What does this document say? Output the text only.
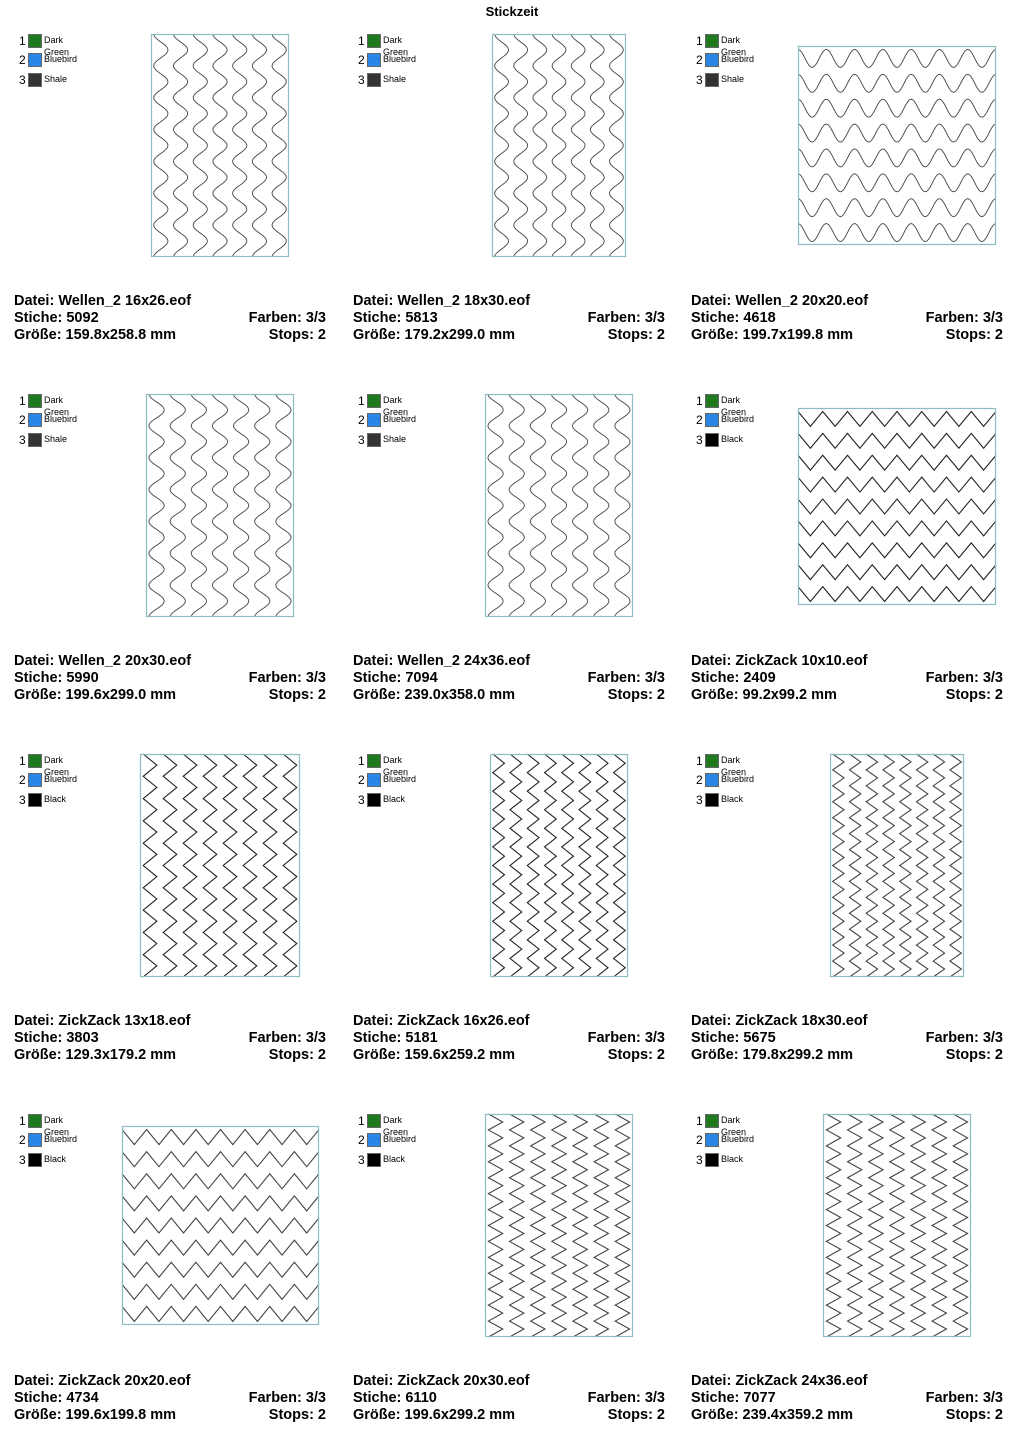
Stickzeit
1 Dark Green
2 Bluebird
3 Shale
Datei: Wellen_2 16x26.eof
Stiche: 5092	Farben: 3/3
Größe: 159.8x258.8 mm	Stops: 2
1 Dark Green
2 Bluebird
3 Shale
Datei: Wellen_2 18x30.eof
Stiche: 5813	Farben: 3/3
Größe: 179.2x299.0 mm	Stops: 2
1 Dark Green
2 Bluebird
3 Shale
Datei: Wellen_2 20x20.eof
Stiche: 4618	Farben: 3/3
Größe: 199.7x199.8 mm	Stops: 2
1 Dark Green
2 Bluebird
3 Shale
Datei: Wellen_2 20x30.eof
Stiche: 5990	Farben: 3/3
Größe: 199.6x299.0 mm	Stops: 2
1 Dark Green
2 Bluebird
3 Shale
Datei: Wellen_2 24x36.eof
Stiche: 7094	Farben: 3/3
Größe: 239.0x358.0 mm	Stops: 2
1 Dark Green
2 Bluebird
3 Black
Datei: ZickZack 10x10.eof
Stiche: 2409	Farben: 3/3
Größe: 99.2x99.2 mm	Stops: 2
1 Dark Green
2 Bluebird
3 Black
Datei: ZickZack 13x18.eof
Stiche: 3803	Farben: 3/3
Größe: 129.3x179.2 mm	Stops: 2
1 Dark Green
2 Bluebird
3 Black
Datei: ZickZack 16x26.eof
Stiche: 5181	Farben: 3/3
Größe: 159.6x259.2 mm	Stops: 2
1 Dark Green
2 Bluebird
3 Black
Datei: ZickZack 18x30.eof
Stiche: 5675	Farben: 3/3
Größe: 179.8x299.2 mm	Stops: 2
1 Dark Green
2 Bluebird
3 Black
Datei: ZickZack 20x20.eof
Stiche: 4734	Farben: 3/3
Größe: 199.6x199.8 mm	Stops: 2
1 Dark Green
2 Bluebird
3 Black
Datei: ZickZack 20x30.eof
Stiche: 6110	Farben: 3/3
Größe: 199.6x299.2 mm	Stops: 2
1 Dark Green
2 Bluebird
3 Black
Datei: ZickZack 24x36.eof
Stiche: 7077	Farben: 3/3
Größe: 239.4x359.2 mm	Stops: 2
